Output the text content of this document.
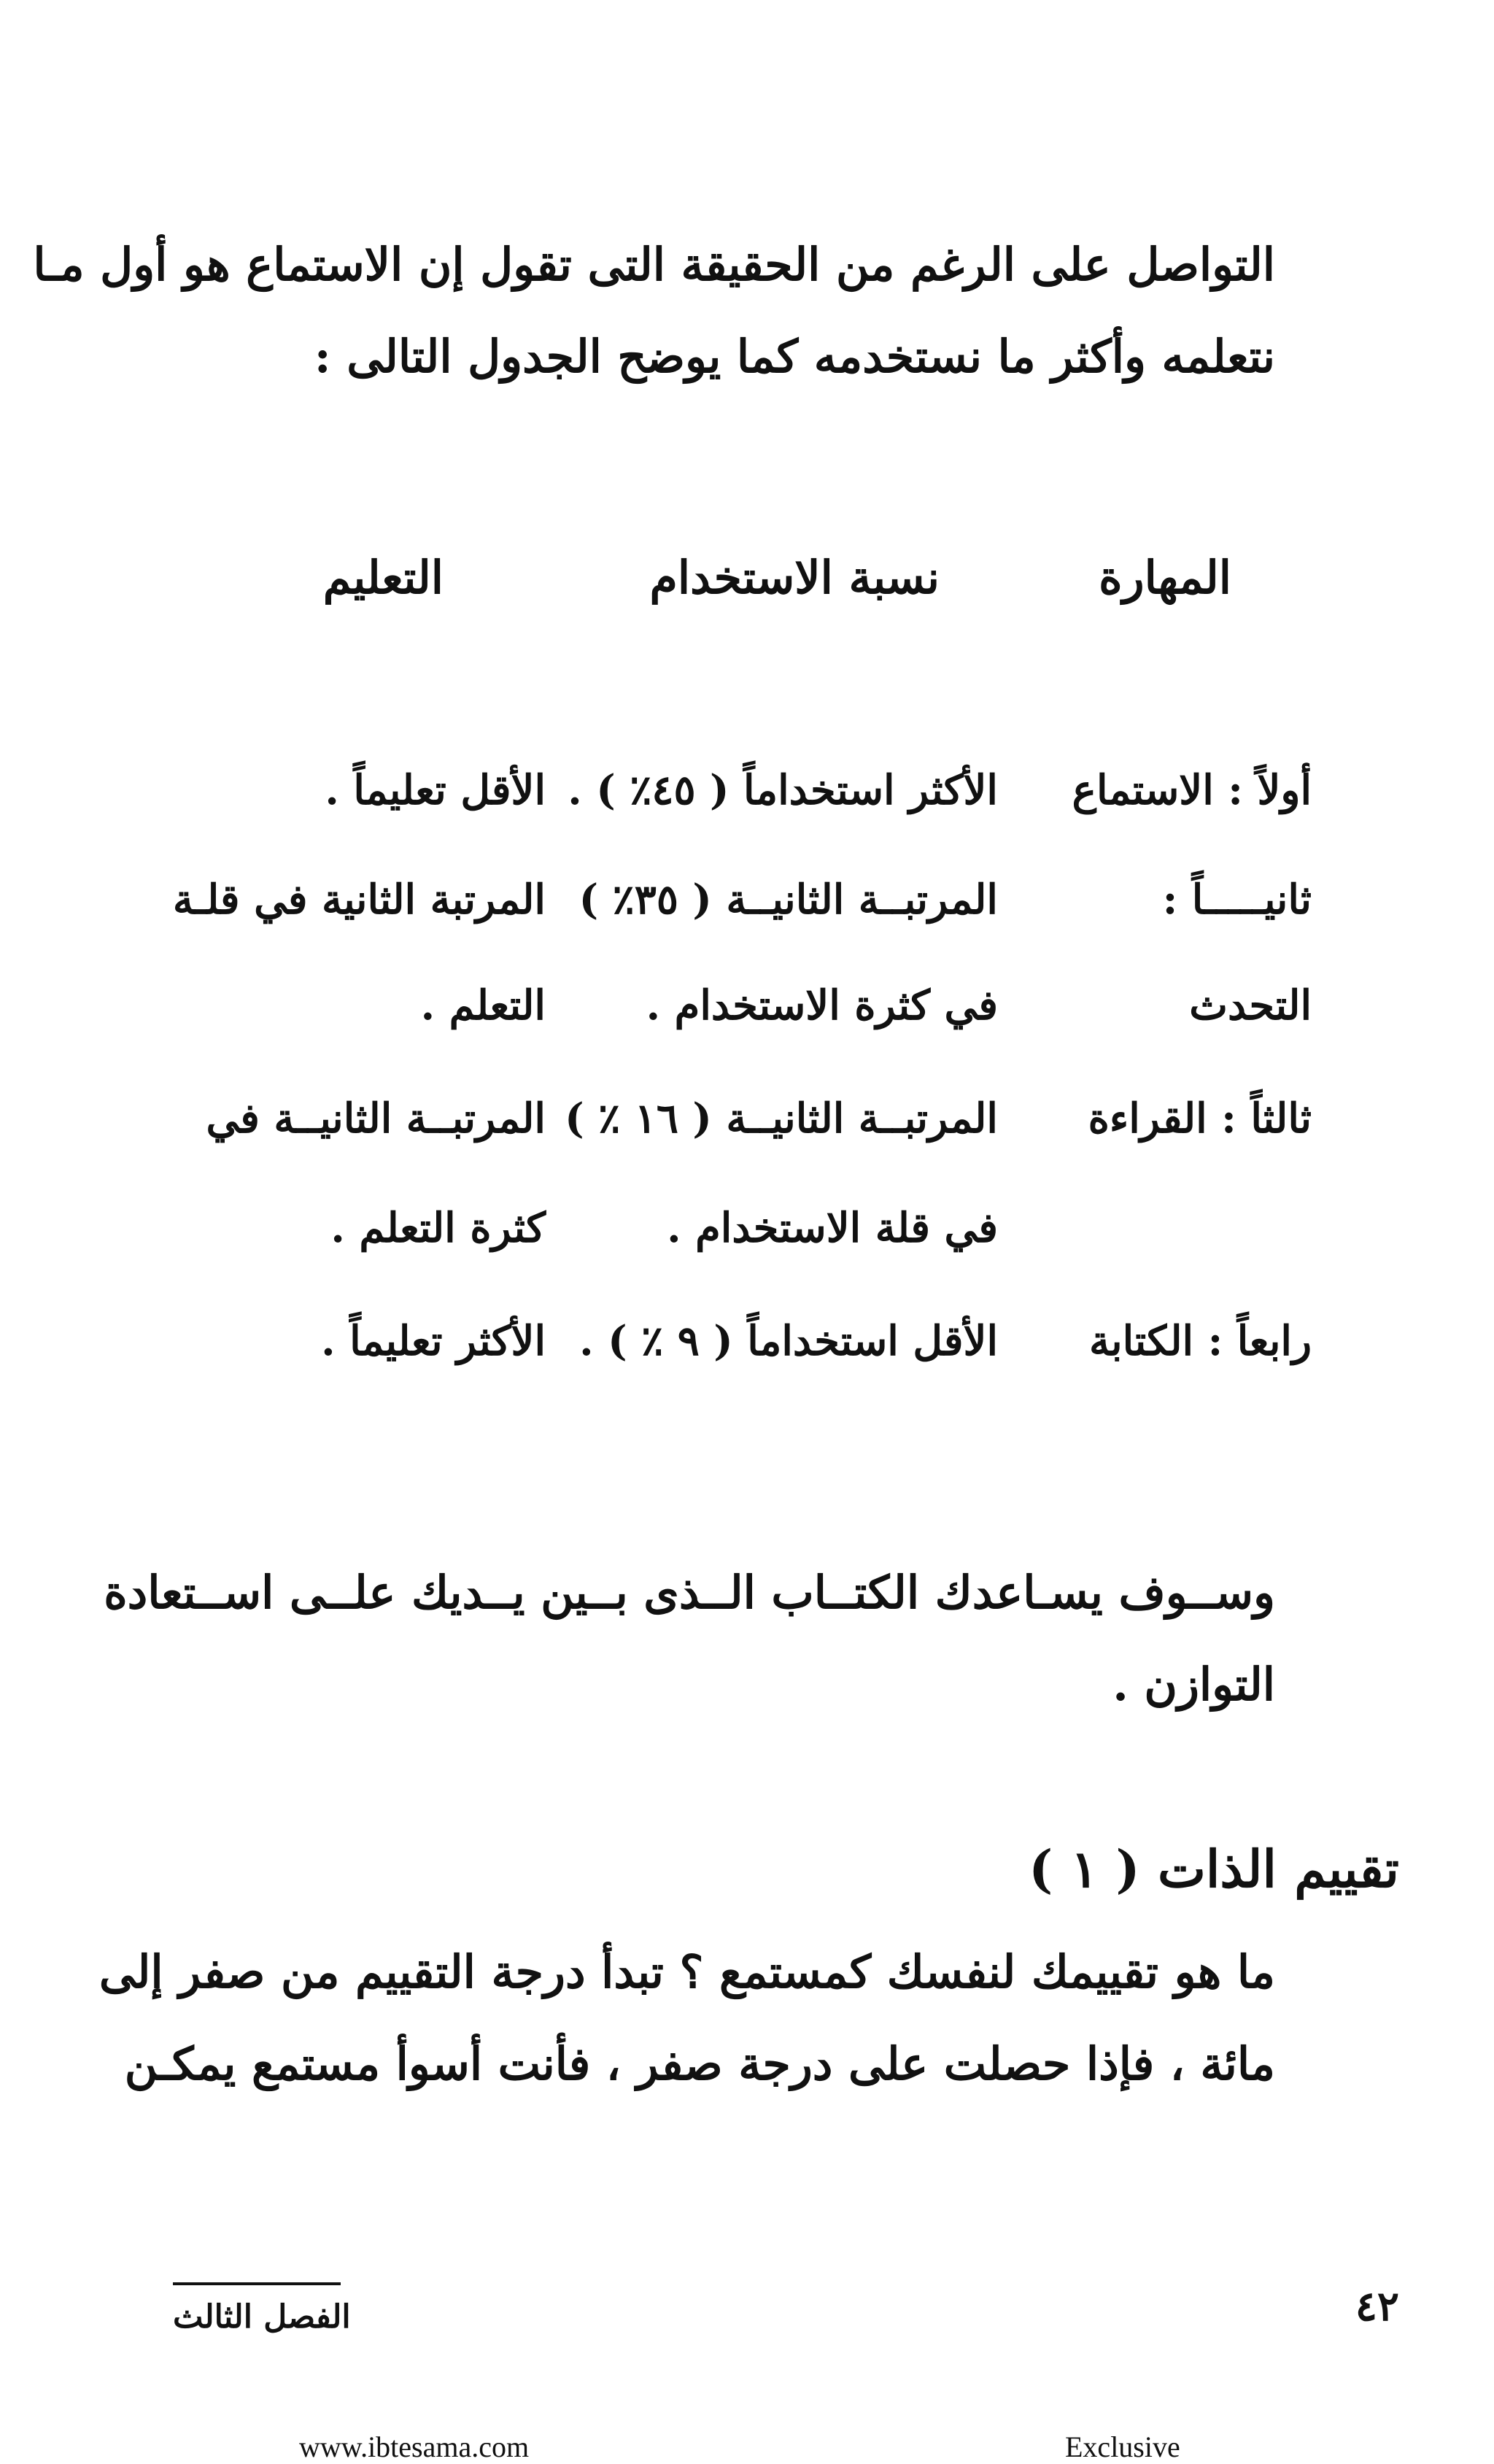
التواصل على الرغم من الحقيقة التى تقول إن الاستماع هو أول مـا
نتعلمه وأكثر ما نستخدمه كما يوضح الجدول التالى :
المهارة
نسبة الاستخدام
التعليم
أولاً : الاستماع
الأكثر استخداماً ( ٤٥٪ ) .
الأقل تعليماً .
ثانيـــــاً :
المرتبــة الثانيــة ( ٣٥٪ )
المرتبة الثانية في قلـة
التحدث
في كثرة الاستخدام .
التعلم .
ثالثاً : القراءة
المرتبــة الثانيــة ( ١٦ ٪ )
المرتبــة الثانيــة في
في قلة الاستخدام .
كثرة التعلم .
رابعاً : الكتابة
الأقل استخداماً ( ٩ ٪ ) .
الأكثر تعليماً .
وســوف يسـاعدك الكتــاب الــذى بــين يــديك علــى اســتعادة
التوازن .
تقييم الذات ( ١ )
ما هو تقييمك لنفسك كمستمع ؟ تبدأ درجة التقييم من صفر إلى
مائة ، فإذا حصلت على درجة صفر ، فأنت أسوأ مستمع يمكـن
الفصل الثالث	٤٢
www.ibtesama.com	Exclusive
